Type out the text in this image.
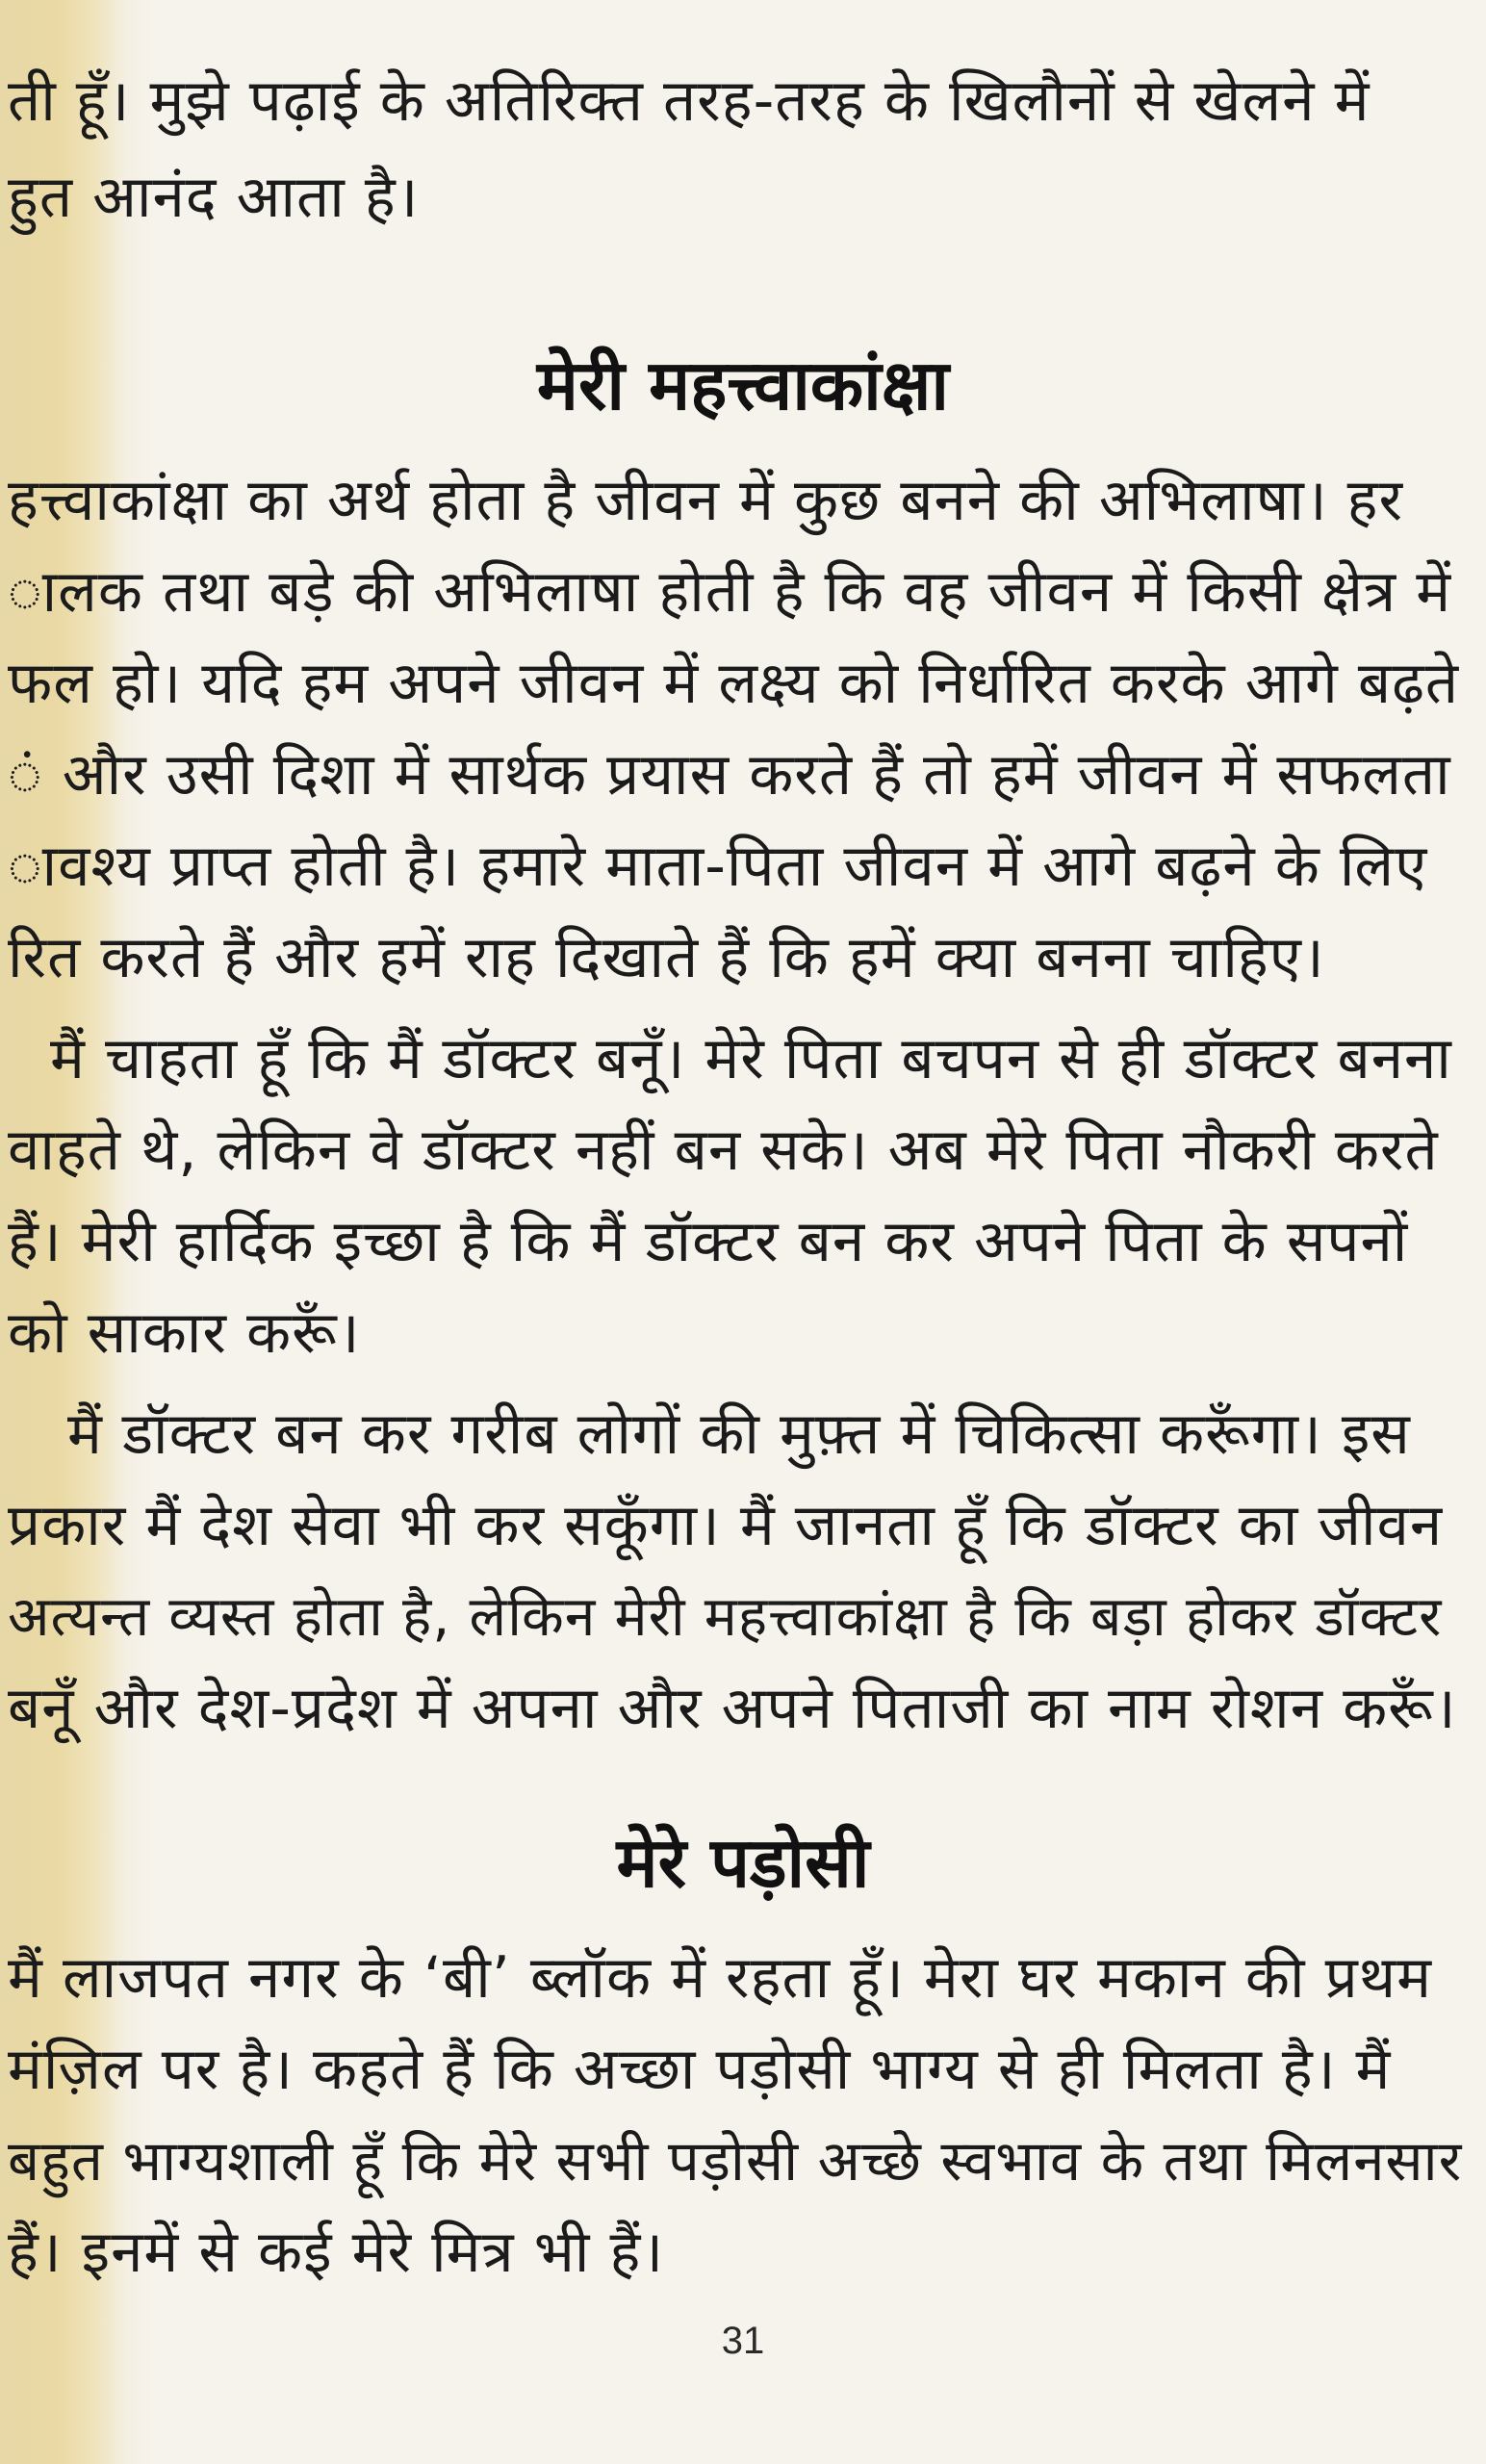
ती हूँ। मुझे पढ़ाई के अतिरिक्त तरह-तरह के खिलौनों से खेलने में
हुत आनंद आता है।
मेरी महत्त्वाकांक्षा
हत्त्वाकांक्षा का अर्थ होता है जीवन में कुछ बनने की अभिलाषा। हर
ालक तथा बड़े की अभिलाषा होती है कि वह जीवन में किसी क्षेत्र में
फल हो। यदि हम अपने जीवन में लक्ष्य को निर्धारित करके आगे बढ़ते
ं और उसी दिशा में सार्थक प्रयास करते हैं तो हमें जीवन में सफलता
ावश्य प्राप्त होती है। हमारे माता-पिता जीवन में आगे बढ़ने के लिए
रित करते हैं और हमें राह दिखाते हैं कि हमें क्या बनना चाहिए।
मैं चाहता हूँ कि मैं डॉक्टर बनूँ। मेरे पिता बचपन से ही डॉक्टर बनना
वाहते थे, लेकिन वे डॉक्टर नहीं बन सके। अब मेरे पिता नौकरी करते
हैं। मेरी हार्दिक इच्छा है कि मैं डॉक्टर बन कर अपने पिता के सपनों
को साकार करूँ।
मैं डॉक्टर बन कर गरीब लोगों की मुफ़्त में चिकित्सा करूँगा। इस
प्रकार मैं देश सेवा भी कर सकूँगा। मैं जानता हूँ कि डॉक्टर का जीवन
अत्यन्त व्यस्त होता है, लेकिन मेरी महत्त्वाकांक्षा है कि बड़ा होकर डॉक्टर
बनूँ और देश-प्रदेश में अपना और अपने पिताजी का नाम रोशन करूँ।
मेरे पड़ोसी
मैं लाजपत नगर के ‘बी’ ब्लॉक में रहता हूँ। मेरा घर मकान की प्रथम
मंज़िल पर है। कहते हैं कि अच्छा पड़ोसी भाग्य से ही मिलता है। मैं
बहुत भाग्यशाली हूँ कि मेरे सभी पड़ोसी अच्छे स्वभाव के तथा मिलनसार
हैं। इनमें से कई मेरे मित्र भी हैं।
31
